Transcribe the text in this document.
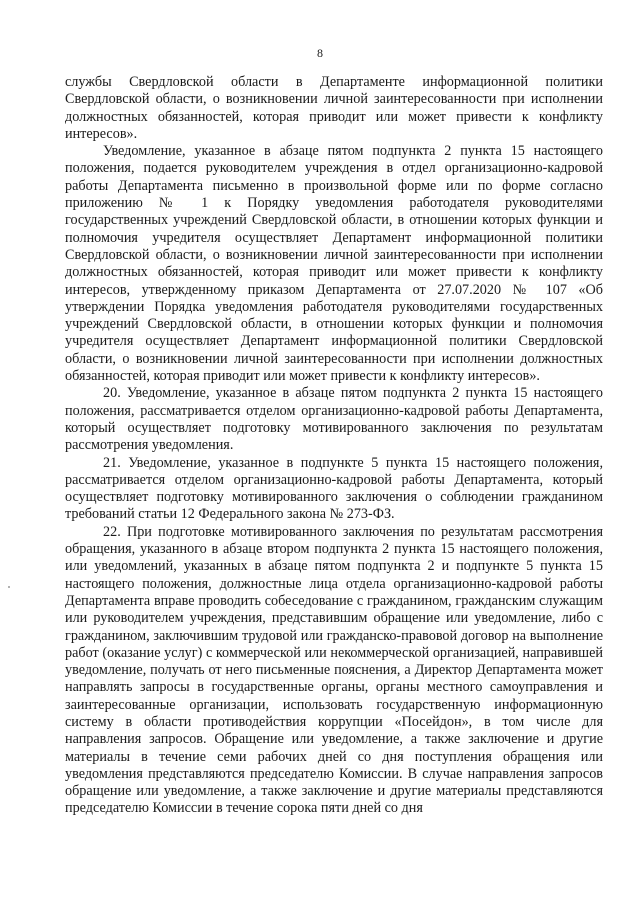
8

службы Свердловской области в Департаменте информационной политики Свердловской области, о возникновении личной заинтересованности при исполнении должностных обязанностей, которая приводит или может привести к конфликту интересов».

Уведомление, указанное в абзаце пятом подпункта 2 пункта 15 настоящего положения, подается руководителем учреждения в отдел организационно-кадровой работы Департамента письменно в произвольной форме или по форме согласно приложению № 1 к Порядку уведомления работодателя руководителями государственных учреждений Свердловской области, в отношении которых функции и полномочия учредителя осуществляет Департамент информационной политики Свердловской области, о возникновении личной заинтересованности при исполнении должностных обязанностей, которая приводит или может привести к конфликту интересов, утвержденному приказом Департамента от 27.07.2020 № 107 «Об утверждении Порядка уведомления работодателя руководителями государственных учреждений Свердловской области, в отношении которых функции и полномочия учредителя осуществляет Департамент информационной политики Свердловской области, о возникновении личной заинтересованности при исполнении должностных обязанностей, которая приводит или может привести к конфликту интересов».

20. Уведомление, указанное в абзаце пятом подпункта 2 пункта 15 настоящего положения, рассматривается отделом организационно-кадровой работы Департамента, который осуществляет подготовку мотивированного заключения по результатам рассмотрения уведомления.

21. Уведомление, указанное в подпункте 5 пункта 15 настоящего положения, рассматривается отделом организационно-кадровой работы Департамента, который осуществляет подготовку мотивированного заключения о соблюдении гражданином требований статьи 12 Федерального закона № 273-ФЗ.

22. При подготовке мотивированного заключения по результатам рассмотрения обращения, указанного в абзаце втором подпункта 2 пункта 15 настоящего положения, или уведомлений, указанных в абзаце пятом подпункта 2 и подпункте 5 пункта 15 настоящего положения, должностные лица отдела организационно-кадровой работы Департамента вправе проводить собеседование с гражданином, гражданским служащим или руководителем учреждения, представившим обращение или уведомление, либо с гражданином, заключившим трудовой или гражданско-правовой договор на выполнение работ (оказание услуг) с коммерческой или некоммерческой организацией, направившей уведомление, получать от него письменные пояснения, а Директор Департамента может направлять запросы в государственные органы, органы местного самоуправления и заинтересованные организации, использовать государственную информационную систему в области противодействия коррупции «Посейдон», в том числе для направления запросов. Обращение или уведомление, а также заключение и другие материалы в течение семи рабочих дней со дня поступления обращения или уведомления представляются председателю Комиссии. В случае направления запросов обращение или уведомление, а также заключение и другие материалы представляются председателю Комиссии в течение сорока пяти дней со дня
